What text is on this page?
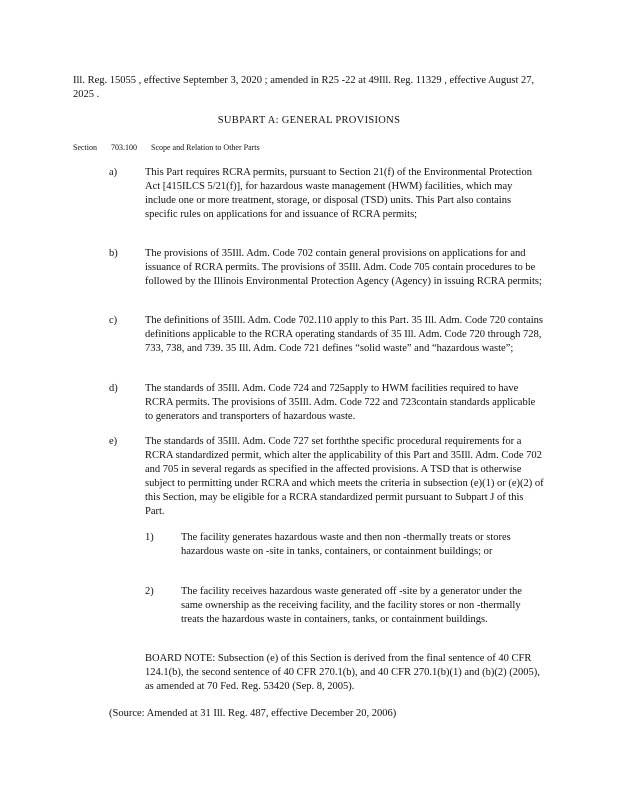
Ill. Reg. 15055 , effective September 3, 2020 ; amended in R25 -22 at 49Ill. Reg. 11329 , effective August 27, 2025 .
SUBPART A: GENERAL PROVISIONS
Section 703.100 Scope and Relation to Other Parts
a)	This Part requires RCRA permits, pursuant to Section 21(f) of the Environmental Protection Act [415ILCS 5/21(f)], for hazardous waste management (HWM) facilities, which may include one or more treatment, storage, or disposal (TSD) units. This Part also contains specific rules on applications for and issuance of RCRA permits;
b)	The provisions of 35Ill. Adm. Code 702 contain general provisions on applications for and issuance of RCRA permits. The provisions of 35Ill. Adm. Code 705 contain procedures to be followed by the Illinois Environmental Protection Agency (Agency) in issuing RCRA permits;
c)	The definitions of 35Ill. Adm. Code 702.110 apply to this Part. 35 Ill. Adm. Code 720 contains definitions applicable to the RCRA operating standards of 35 Ill. Adm. Code 720 through 728, 733, 738, and 739. 35 Ill. Adm. Code 721 defines “solid waste” and “hazardous waste”;
d)	The standards of 35Ill. Adm. Code 724 and 725apply to HWM facilities required to have RCRA permits. The provisions of 35Ill. Adm. Code 722 and 723contain standards applicable to generators and transporters of hazardous waste.
e)	The standards of 35Ill. Adm. Code 727 set forththe specific procedural requirements for a RCRA standardized permit, which alter the applicability of this Part and 35Ill. Adm. Code 702 and 705 in several regards as specified in the affected provisions. A TSD that is otherwise subject to permitting under RCRA and which meets the criteria in subsection (e)(1) or (e)(2) of this Section, may be eligible for a RCRA standardized permit pursuant to Subpart J of this Part.
1)	The facility generates hazardous waste and then non -thermally treats or stores hazardous waste on -site in tanks, containers, or containment buildings; or
2)	The facility receives hazardous waste generated off -site by a generator under the same ownership as the receiving facility, and the facility stores or non -thermally treats the hazardous waste in containers, tanks, or containment buildings.
BOARD NOTE: Subsection (e) of this Section is derived from the final sentence of 40 CFR 124.1(b), the second sentence of 40 CFR 270.1(b), and 40 CFR 270.1(b)(1) and (b)(2) (2005), as amended at 70 Fed. Reg. 53420 (Sep. 8, 2005).
(Source: Amended at 31 Ill. Reg. 487, effective December 20, 2006)
